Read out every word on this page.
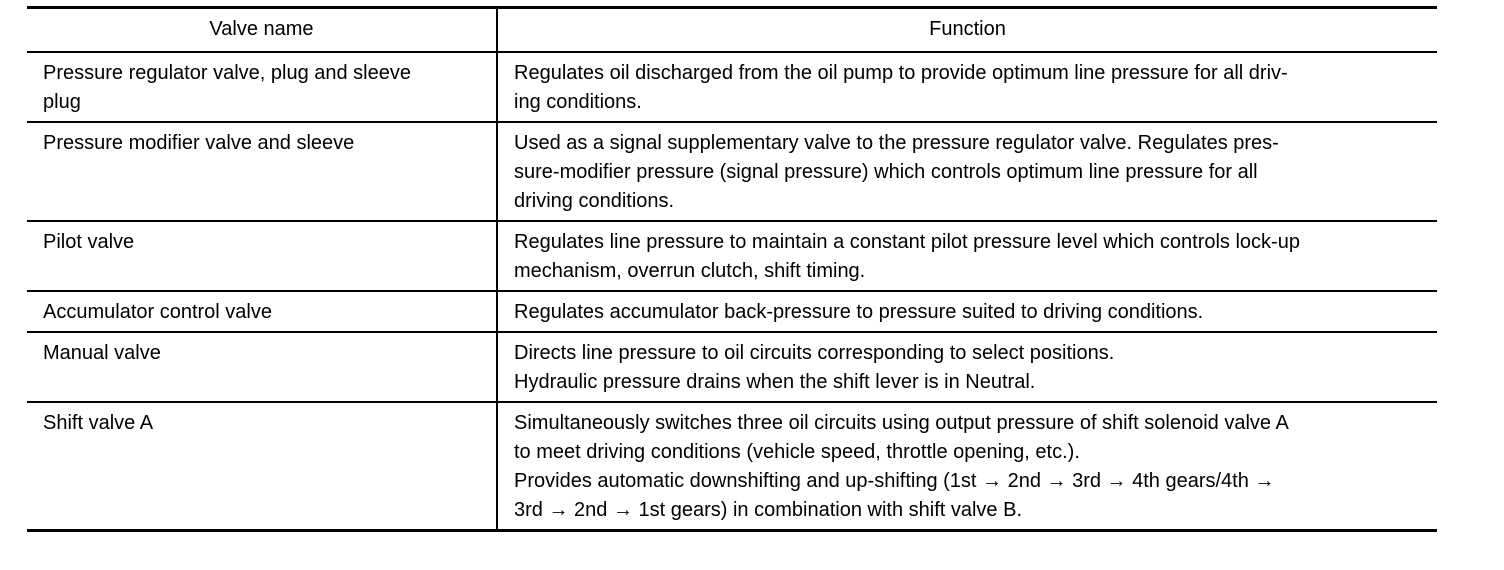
Valve name	Function

Pressure regulator valve, plug and sleeve
plug	Regulates oil discharged from the oil pump to provide optimum line pressure for all driv-
ing conditions.

Pressure modifier valve and sleeve	Used as a signal supplementary valve to the pressure regulator valve. Regulates pres-
sure-modifier pressure (signal pressure) which controls optimum line pressure for all
driving conditions.

Pilot valve	Regulates line pressure to maintain a constant pilot pressure level which controls lock-up
mechanism, overrun clutch, shift timing.

Accumulator control valve	Regulates accumulator back-pressure to pressure suited to driving conditions.

Manual valve	Directs line pressure to oil circuits corresponding to select positions.
Hydraulic pressure drains when the shift lever is in Neutral.

Shift valve A	Simultaneously switches three oil circuits using output pressure of shift solenoid valve A
to meet driving conditions (vehicle speed, throttle opening, etc.).
Provides automatic downshifting and up-shifting (1st → 2nd → 3rd → 4th gears/4th →
3rd → 2nd → 1st gears) in combination with shift valve B.
